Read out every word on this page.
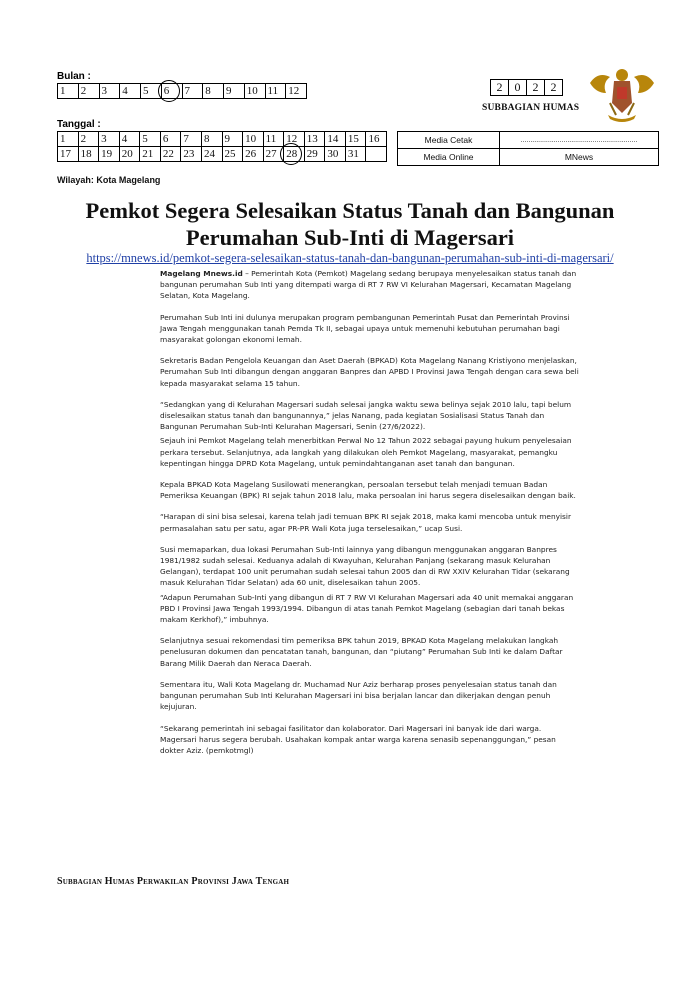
Bulan :
1	2	3	4	5	6	7	8	9	10	11	12
Tanggal :
1	2	3	4	5	6	7	8	9	10	11	12	13	14	15	16
17	18	19	20	21	22	23	24	25	26	27	28	29	30	31	
2	0	2	2
SUBBAGIAN HUMAS
Media Cetak	............................................................
Media Online	MNews
Wilayah: Kota Magelang
Pemkot Segera Selesaikan Status Tanah dan Bangunan
Perumahan Sub-Inti di Magersari
https://mnews.id/pemkot-segera-selesaikan-status-tanah-dan-bangunan-perumahan-sub-inti-di-magersari/

Magelang Mnews.id – Pemerintah Kota (Pemkot) Magelang sedang berupaya menyelesaikan status tanah dan bangunan perumahan Sub Inti yang ditempati warga di RT 7 RW VI Kelurahan Magersari, Kecamatan Magelang Selatan, Kota Magelang.

Perumahan Sub Inti ini dulunya merupakan program pembangunan Pemerintah Pusat dan Pemerintah Provinsi Jawa Tengah menggunakan tanah Pemda Tk II, sebagai upaya untuk memenuhi kebutuhan perumahan bagi masyarakat golongan ekonomi lemah.

Sekretaris Badan Pengelola Keuangan dan Aset Daerah (BPKAD) Kota Magelang Nanang Kristiyono menjelaskan, Perumahan Sub Inti dibangun dengan anggaran Banpres dan APBD I Provinsi Jawa Tengah dengan cara sewa beli kepada masyarakat selama 15 tahun.

“Sedangkan yang di Kelurahan Magersari sudah selesai jangka waktu sewa belinya sejak 2010 lalu, tapi belum diselesaikan status tanah dan bangunannya,” jelas Nanang, pada kegiatan Sosialisasi Status Tanah dan Bangunan Perumahan Sub-Inti Kelurahan Magersari, Senin (27/6/2022).

Sejauh ini Pemkot Magelang telah menerbitkan Perwal No 12 Tahun 2022 sebagai payung hukum penyelesaian perkara tersebut. Selanjutnya, ada langkah yang dilakukan oleh Pemkot Magelang, masyarakat, pemangku kepentingan hingga DPRD Kota Magelang, untuk pemindahtanganan aset tanah dan bangunan.

Kepala BPKAD Kota Magelang Susilowati menerangkan, persoalan tersebut telah menjadi temuan Badan Pemeriksa Keuangan (BPK) RI sejak tahun 2018 lalu, maka persoalan ini harus segera diselesaikan dengan baik.

“Harapan di sini bisa selesai, karena telah jadi temuan BPK RI sejak 2018, maka kami mencoba untuk menyisir permasalahan satu per satu, agar PR-PR Wali Kota juga terselesaikan,” ucap Susi.

Susi memaparkan, dua lokasi Perumahan Sub-Inti lainnya yang dibangun menggunakan anggaran Banpres 1981/1982 sudah selesai. Keduanya adalah di Kwayuhan, Kelurahan Panjang (sekarang masuk Kelurahan Gelangan), terdapat 100 unit perumahan sudah selesai tahun 2005 dan di RW XXIV Kelurahan Tidar (sekarang masuk Kelurahan Tidar Selatan) ada 60 unit, diselesaikan tahun 2005.

“Adapun Perumahan Sub-Inti yang dibangun di RT 7 RW VI Kelurahan Magersari ada 40 unit memakai anggaran PBD I Provinsi Jawa Tengah 1993/1994. Dibangun di atas tanah Pemkot Magelang (sebagian dari tanah bekas makam Kerkhof),” imbuhnya.

Selanjutnya sesuai rekomendasi tim pemeriksa BPK tahun 2019, BPKAD Kota Magelang melakukan langkah penelusuran dokumen dan pencatatan tanah, bangunan, dan “piutang” Perumahan Sub Inti ke dalam Daftar Barang Milik Daerah dan Neraca Daerah.

Sementara itu, Wali Kota Magelang dr. Muchamad Nur Aziz berharap proses penyelesaian status tanah dan bangunan perumahan Sub Inti Kelurahan Magersari ini bisa berjalan lancar dan dikerjakan dengan penuh kejujuran.

“Sekarang pemerintah ini sebagai fasilitator dan kolaborator. Dari Magersari ini banyak ide dari warga. Magersari harus segera berubah. Usahakan kompak antar warga karena senasib sepenanggungan,” pesan dokter Aziz. (pemkotmgl)

Subbagian Humas Perwakilan Provinsi Jawa Tengah
